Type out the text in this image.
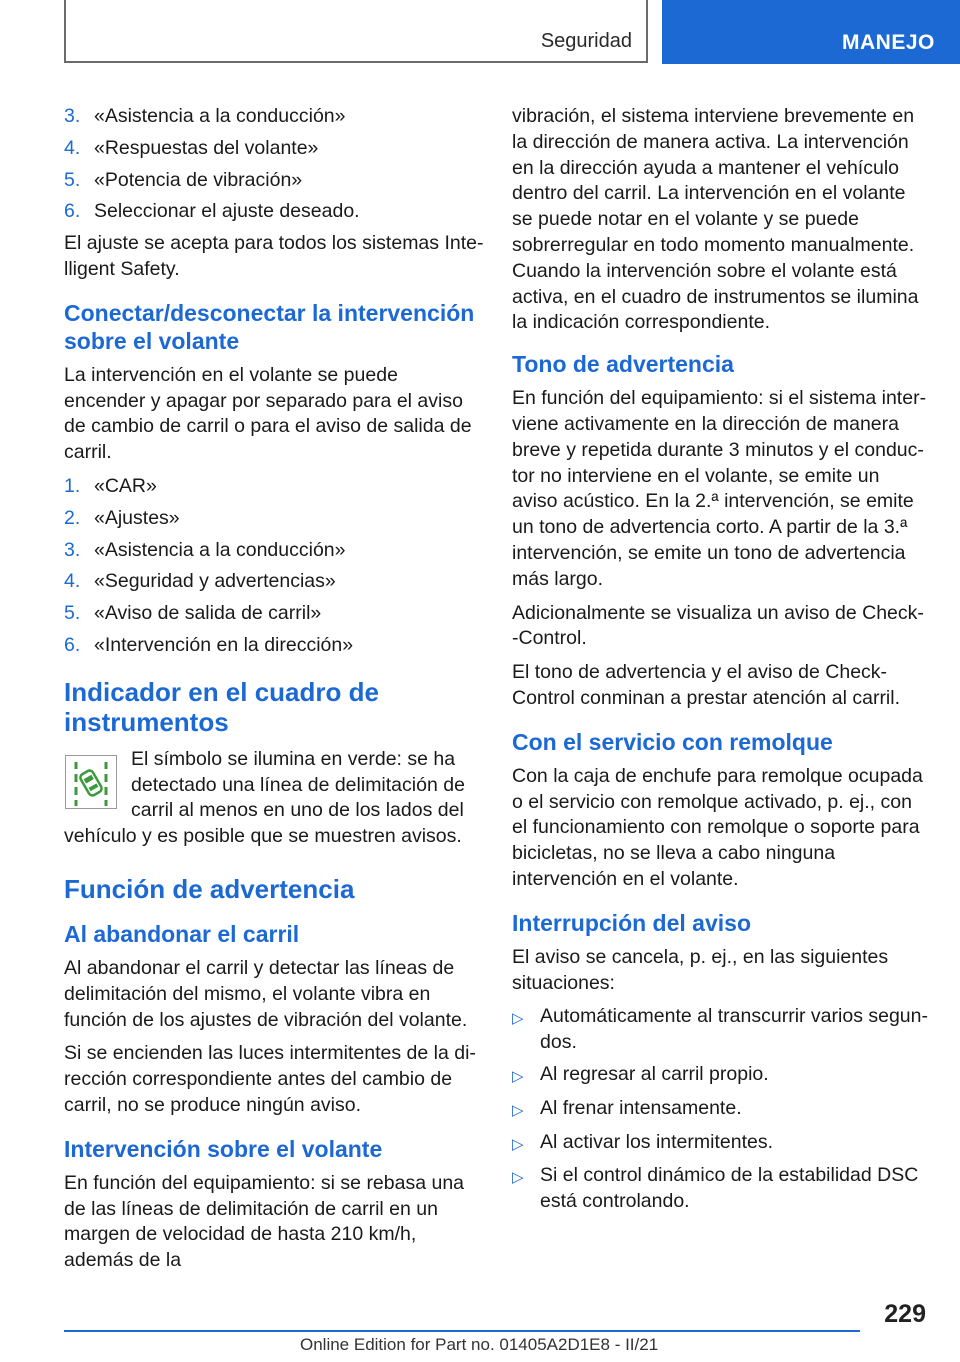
Seguridad	MANEJO
3. «Asistencia a la conducción»
4. «Respuestas del volante»
5. «Potencia de vibración»
6. Seleccionar el ajuste deseado.

El ajuste se acepta para todos los sistemas Intelligent Safety.

Conectar/desconectar la intervención sobre el volante

La intervención en el volante se puede encender y apagar por separado para el aviso de cambio de carril o para el aviso de salida de carril.

1. «CAR»
2. «Ajustes»
3. «Asistencia a la conducción»
4. «Seguridad y advertencias»
5. «Aviso de salida de carril»
6. «Intervención en la dirección»
Indicador en el cuadro de instrumentos
El símbolo se ilumina en verde: se ha detectado una línea de delimitación de carril al menos en uno de los lados del vehículo y es posible que se muestren avisos.
Función de advertencia
Al abandonar el carril

Al abandonar el carril y detectar las líneas de delimitación del mismo, el volante vibra en función de los ajustes de vibración del volante.

Si se encienden las luces intermitentes de la dirección correspondiente antes del cambio de carril, no se produce ningún aviso.

Intervención sobre el volante

En función del equipamiento: si se rebasa una de las líneas de delimitación de carril en un margen de velocidad de hasta 210 km/h, además de la

vibración, el sistema interviene brevemente en la dirección de manera activa. La intervención en la dirección ayuda a mantener el vehículo dentro del carril. La intervención en el volante se puede notar en el volante y se puede sobrerregular en todo momento manualmente. Cuando la intervención sobre el volante está activa, en el cuadro de instrumentos se ilumina la indicación correspondiente.

Tono de advertencia

En función del equipamiento: si el sistema interviene activamente en la dirección de manera breve y repetida durante 3 minutos y el conductor no interviene en el volante, se emite un aviso acústico. En la 2.ª intervención, se emite un tono de advertencia corto. A partir de la 3.ª intervención, se emite un tono de advertencia más largo.

Adicionalmente se visualiza un aviso de Check--Control.

El tono de advertencia y el aviso de Check-Control conminan a prestar atención al carril.

Con el servicio con remolque

Con la caja de enchufe para remolque ocupada o el servicio con remolque activado, p. ej., con el funcionamiento con remolque o soporte para bicicletas, no se lleva a cabo ninguna intervención en el volante.

Interrupción del aviso

El aviso se cancela, p. ej., en las siguientes situaciones:

▷ Automáticamente al transcurrir varios segundos.
▷ Al regresar al carril propio.
▷ Al frenar intensamente.
▷ Al activar los intermitentes.
▷ Si el control dinámico de la estabilidad DSC está controlando.
229
Online Edition for Part no. 01405A2D1E8 - II/21
